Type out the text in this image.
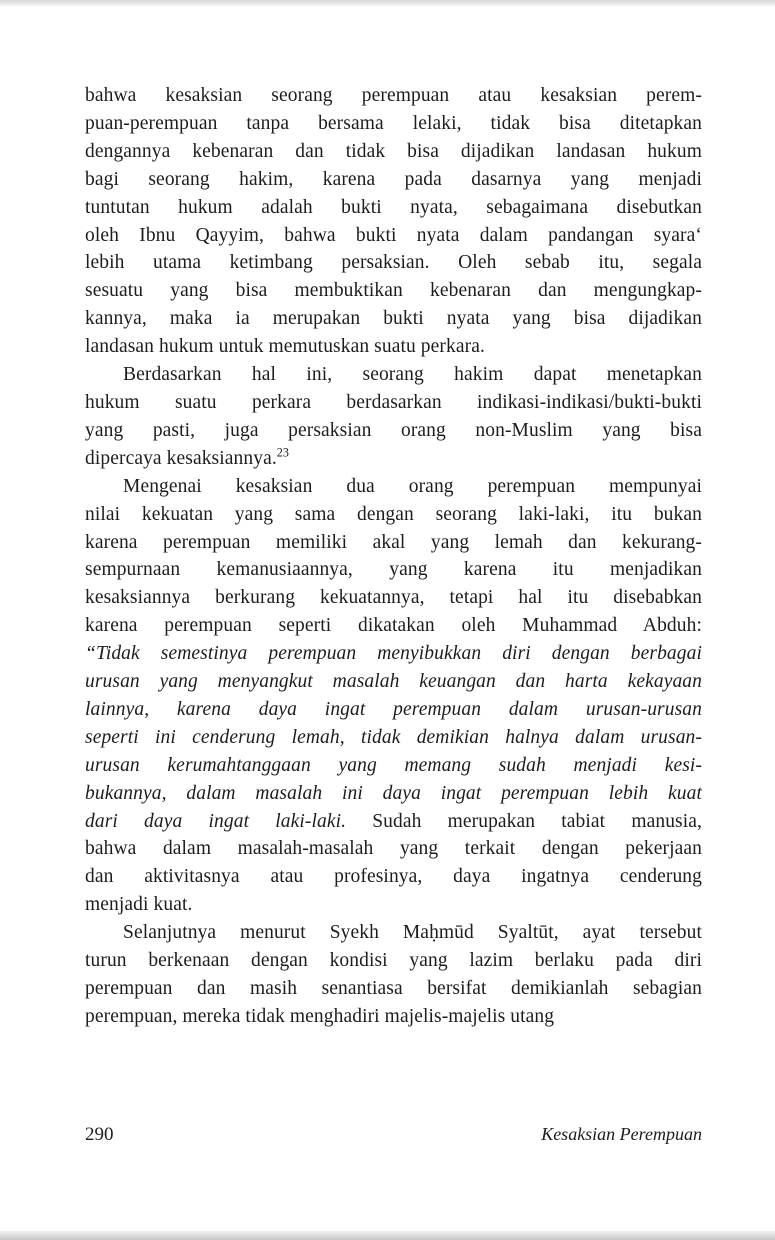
bahwa kesaksian seorang perempuan atau kesaksian perem-
puan-perempuan tanpa bersama lelaki, tidak bisa ditetapkan
dengannya kebenaran dan tidak bisa dijadikan landasan hukum
bagi seorang hakim, karena pada dasarnya yang menjadi
tuntutan hukum adalah bukti nyata, sebagaimana disebutkan
oleh Ibnu Qayyim, bahwa bukti nyata dalam pandangan syara‘
lebih utama ketimbang persaksian. Oleh sebab itu, segala
sesuatu yang bisa membuktikan kebenaran dan mengungkap-
kannya, maka ia merupakan bukti nyata yang bisa dijadikan
landasan hukum untuk memutuskan suatu perkara.
Berdasarkan hal ini, seorang hakim dapat menetapkan
hukum suatu perkara berdasarkan indikasi-indikasi/bukti-bukti
yang pasti, juga persaksian orang non-Muslim yang bisa
dipercaya kesaksiannya.$^{23}$
Mengenai kesaksian dua orang perempuan mempunyai
nilai kekuatan yang sama dengan seorang laki-laki, itu bukan
karena perempuan memiliki akal yang lemah dan kekurang-
sempurnaan kemanusiaannya, yang karena itu menjadikan
kesaksiannya berkurang kekuatannya, tetapi hal itu disebabkan
karena perempuan seperti dikatakan oleh Muhammad Abduh:
“Tidak semestinya perempuan menyibukkan diri dengan berbagai
urusan yang menyangkut masalah keuangan dan harta kekayaan
lainnya, karena daya ingat perempuan dalam urusan-urusan
seperti ini cenderung lemah, tidak demikian halnya dalam urusan-
urusan kerumahtanggaan yang memang sudah menjadi kesi-
bukannya, dalam masalah ini daya ingat perempuan lebih kuat
dari daya ingat laki-laki. Sudah merupakan tabiat manusia,
bahwa dalam masalah-masalah yang terkait dengan pekerjaan
dan aktivitasnya atau profesinya, daya ingatnya cenderung
menjadi kuat.
Selanjutnya menurut Syekh Maḥmūd Syaltūt, ayat tersebut
turun berkenaan dengan kondisi yang lazim berlaku pada diri
perempuan dan masih senantiasa bersifat demikianlah sebagian
perempuan, mereka tidak menghadiri majelis-majelis utang
290	Kesaksian Perempuan
